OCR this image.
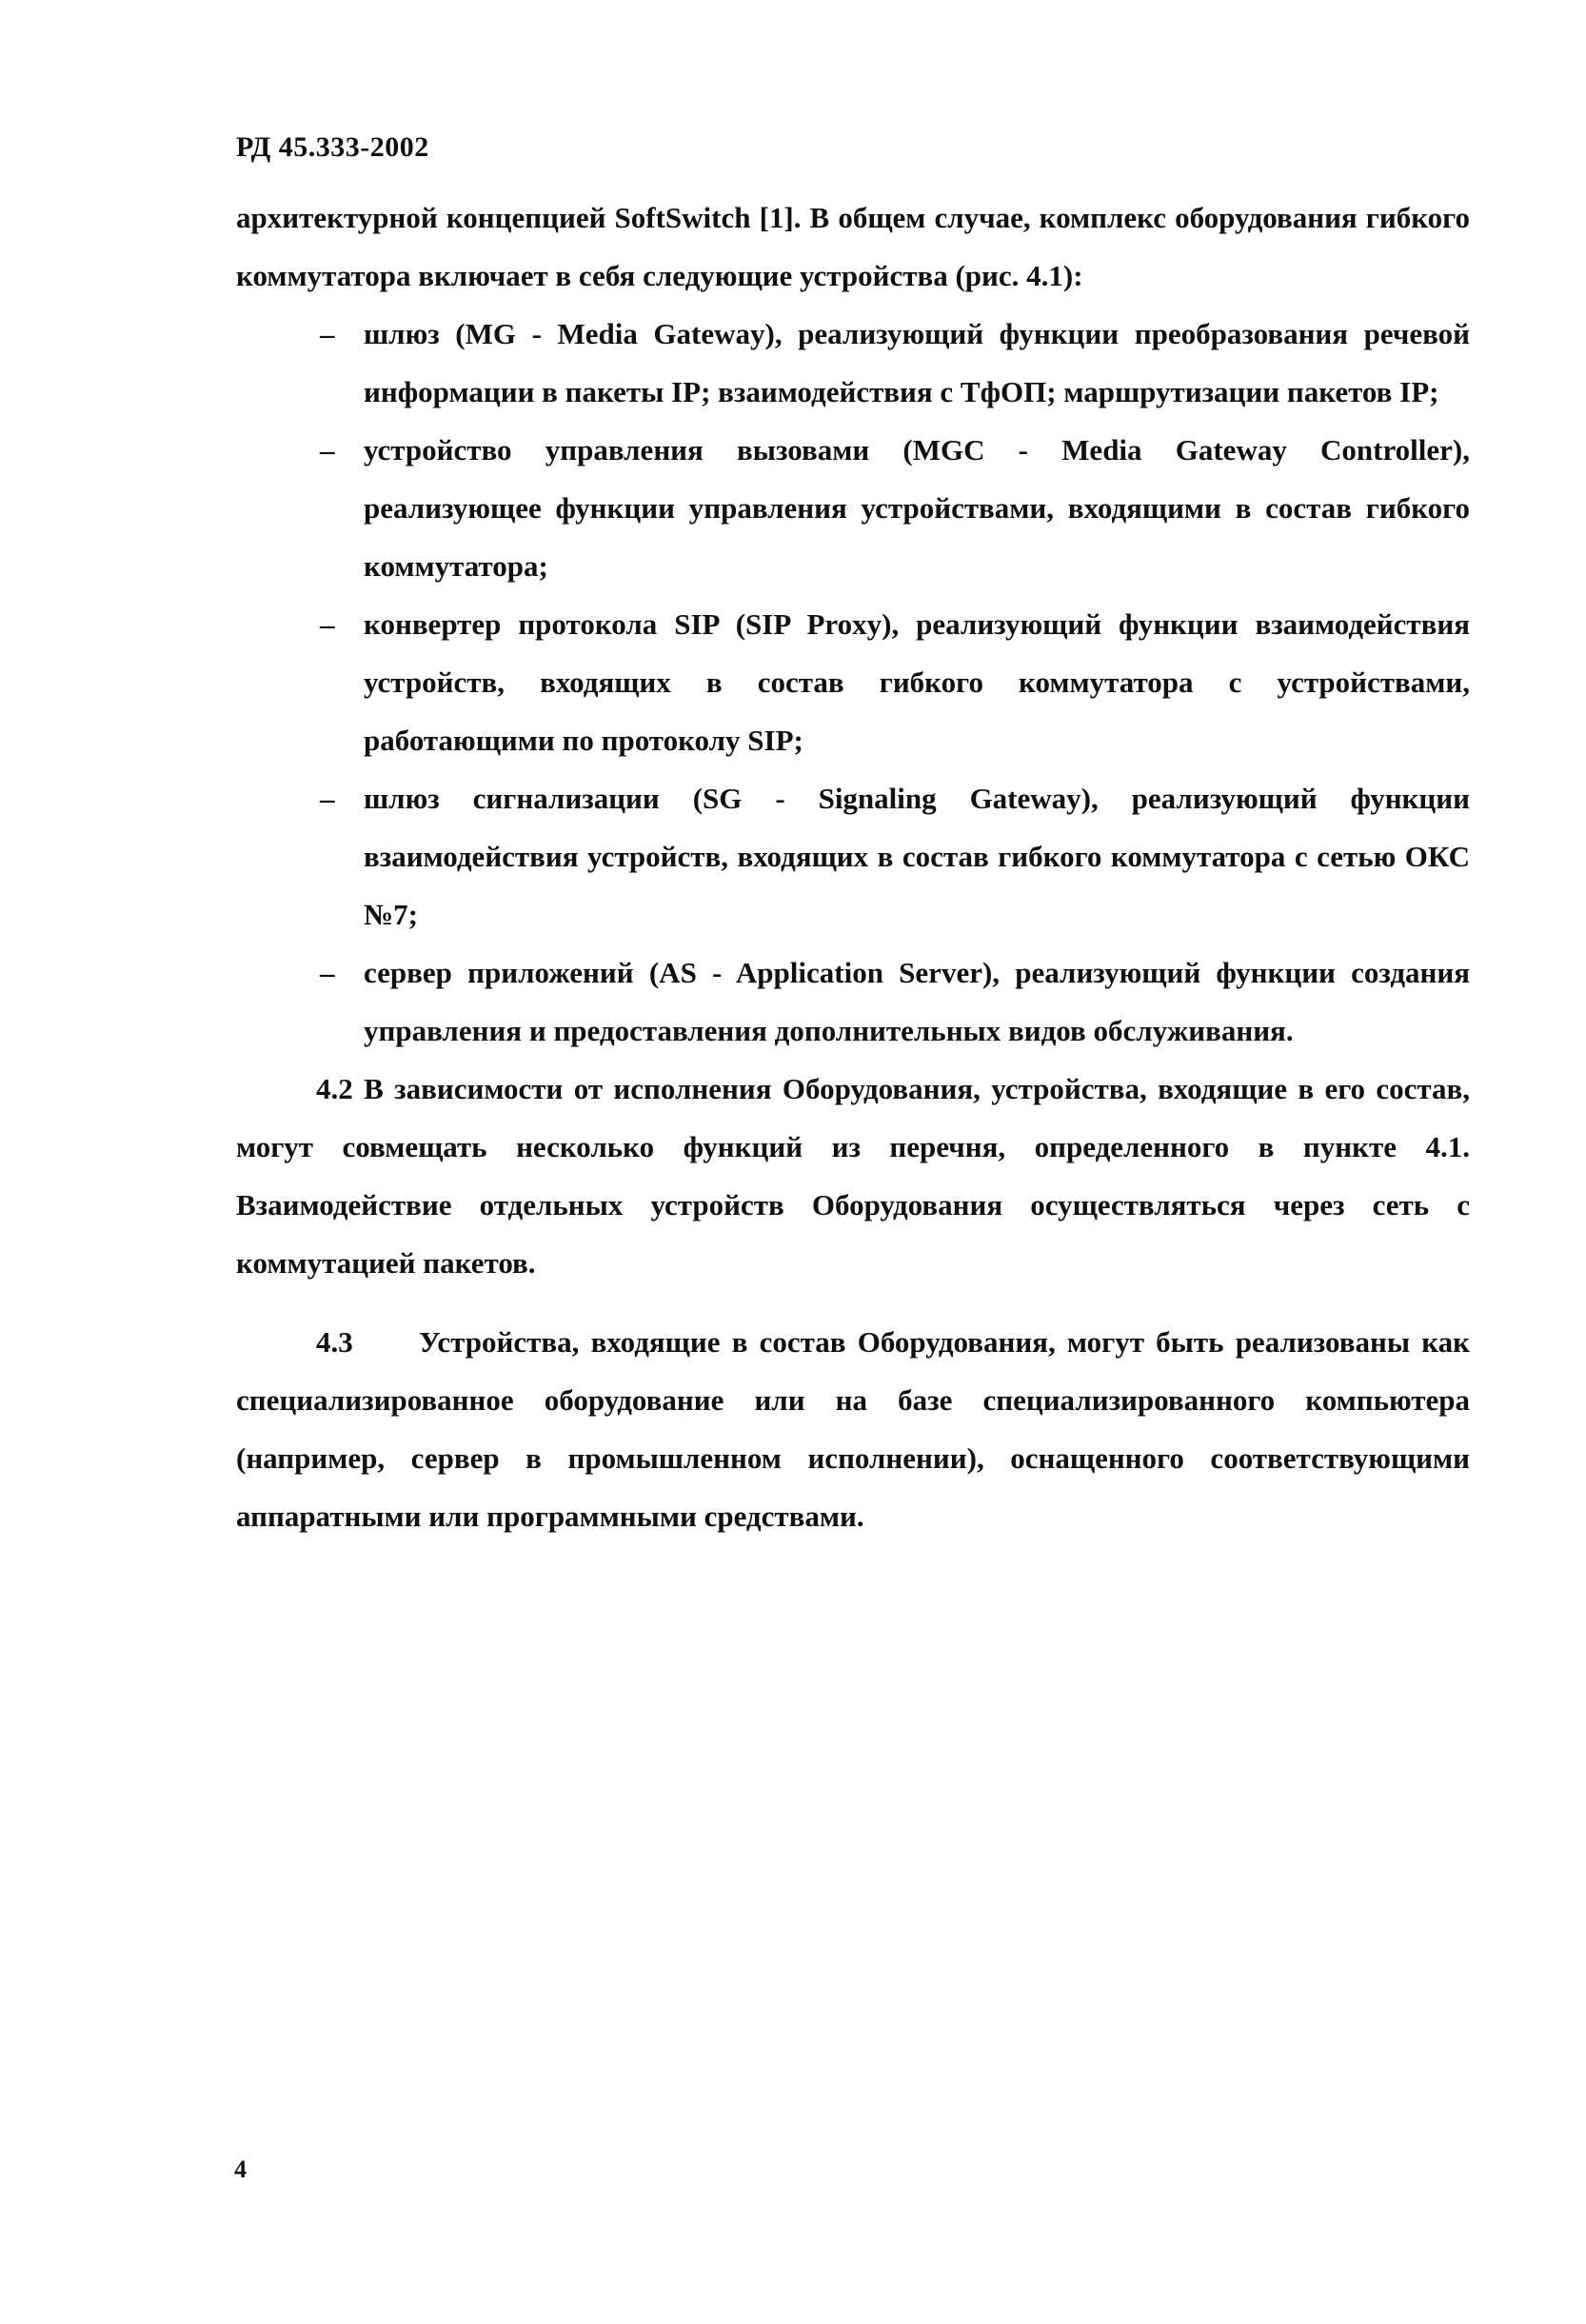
РД 45.333-2002

архитектурной концепцией SoftSwitch [1]. В общем случае, комплекс оборудования гибкого коммутатора включает в себя следующие устройства (рис. 4.1):

– шлюз (MG - Media Gateway), реализующий функции преобразования речевой информации в пакеты IP; взаимодействия с ТфОП; маршрутизации пакетов IP;
– устройство управления вызовами (MGC - Media Gateway Controller), реализующее функции управления устройствами, входящими в состав гибкого коммутатора;
– конвертер протокола SIP (SIP Proxy), реализующий функции взаимодействия устройств, входящих в состав гибкого коммутатора с устройствами, работающими по протоколу SIP;
– шлюз сигнализации (SG - Signaling Gateway), реализующий функции взаимодействия устройств, входящих в состав гибкого коммутатора с сетью ОКС №7;
– сервер приложений (AS - Application Server), реализующий функции создания управления и предоставления дополнительных видов обслуживания.

4.2 В зависимости от исполнения Оборудования, устройства, входящие в его состав, могут совмещать несколько функций из перечня, определенного в пункте 4.1. Взаимодействие отдельных устройств Оборудования осуществляться через сеть с коммутацией пакетов.

4.3 Устройства, входящие в состав Оборудования, могут быть реализованы как специализированное оборудование или на базе специализированного компьютера (например, сервер в промышленном исполнении), оснащенного соответствующими аппаратными или программными средствами.

4
